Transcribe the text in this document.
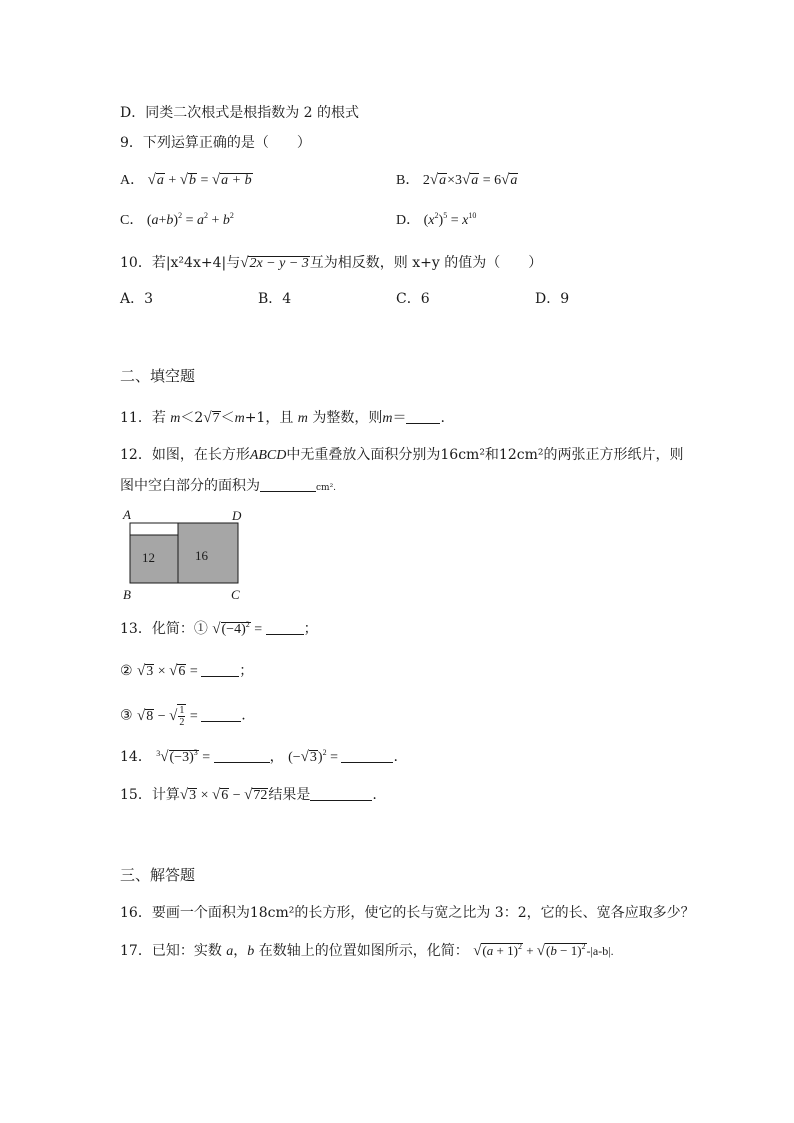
D．同类二次根式是根指数为 2 的根式
9．下列运算正确的是（　　）
A． √a + √b = √a + b	B． 2√a×3√a = 6√a
C． $(a+b)^2 = a^2 + b^2$	D． $(x^2)^5 = x^{10}$
10．若|x²4x+4|与√2x − y − 3互为相反数，则 x+y 的值为（　　）
A．3	B．4	C．6	D．9
二、填空题
11．若 m＜2√7＜m+1，且 m 为整数，则m＝ .
12．如图，在长方形ABCD中无重叠放入面积分别为16cm²和12cm²的两张正方形纸片，则
图中空白部分的面积为	cm².
12	16
A	D
B	C
13．化简：① $√(-4)^2$ =	；
② √3 × √6 =	；
③ √8 − √ $\frac{1}{2}$ =	.
14． $^3√(-3)^3$ =	， $(-√3)^2$ =	.
15．计算√3 × √6 − √72结果是	.
三、解答题
16．要画一个面积为18cm²的长方形，使它的长与宽之比为 3：2，它的长、宽各应取多少？
17．已知：实数 a，b 在数轴上的位置如图所示，化简： $√(a + 1)^2 + √(b - 1)^2-|a-b|$.
